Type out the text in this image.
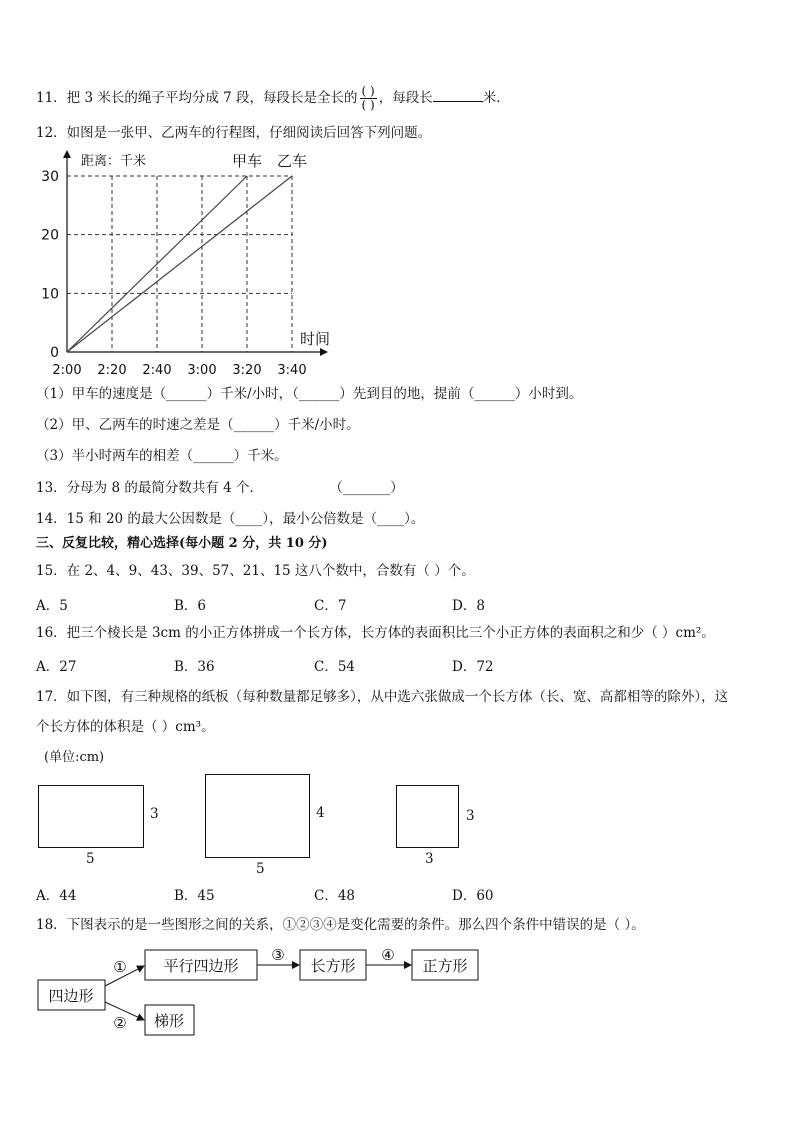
11．把 3 米长的绳子平均分成 7 段，每段长是全长的 $\frac{( )}{( )}$ ，每段长	米．
12．如图是一张甲、乙两车的行程图，仔细阅读后回答下列问题。
甲车 乙车
0
10
20
30
2:00 2:20 2:40 3:00 3:20 3:40
距离：千米
时间
（1）甲车的速度是（______）千米/小时，（______）先到目的地，提前（______）小时到。
（2）甲、乙两车的时速之差是（______）千米/小时。
（3）半小时两车的相差（______）千米。
13．分母为 8 的最简分数共有 4 个．	（_______）
14．15 和 20 的最大公因数是（____），最小公倍数是（____）。
三、反复比较，精心选择(每小题 2 分，共 10 分)
15．在 2、4、9、43、39、57、21、15 这八个数中，合数有（ ）个。
A．5	B．6	C．7	D．8
16．把三个棱长是 3cm 的小正方体拼成一个长方体，长方体的表面积比三个小正方体的表面积之和少（ ）cm²。
A．27	B．36	C．54	D．72
17．如下图，有三种规格的纸板（每种数量都足够多），从中选六张做成一个长方体（长、宽、高都相等的除外），这
个长方体的体积是（ ）cm³。
(单位:cm)
3
5
4
5
3
3
A．44	B．45	C．48	D．60
18．下图表示的是一些图形之间的关系，①②③④是变化需要的条件。那么四个条件中错误的是（ ）。
四边形
平行四边形	长方形	正方形
梯形
①
②
③	④
